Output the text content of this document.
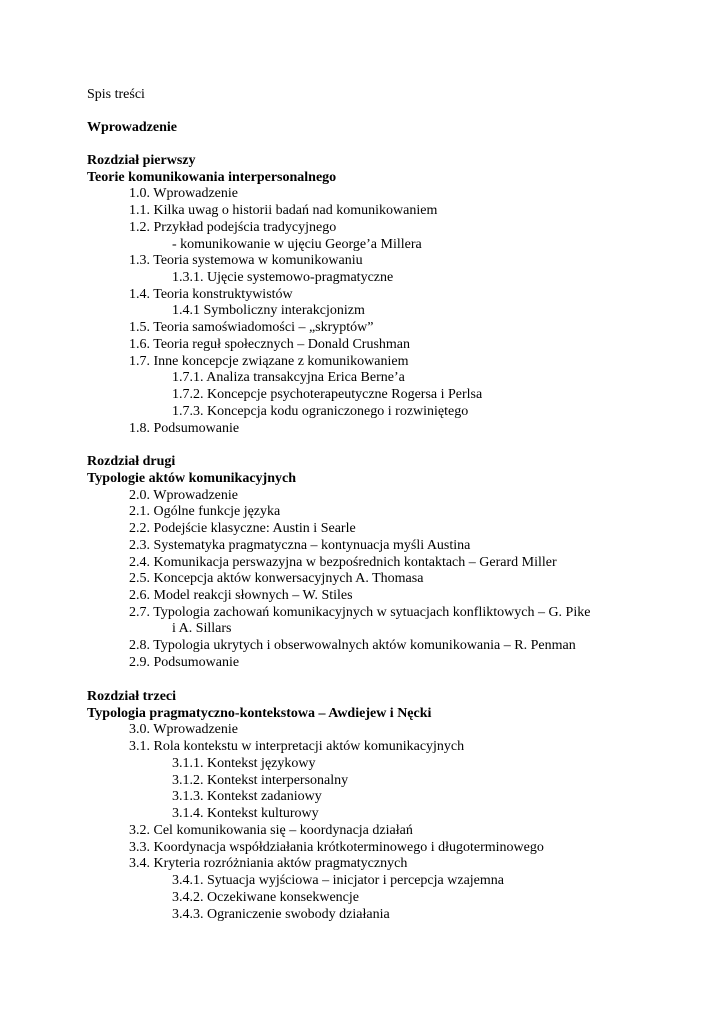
Spis treści
Wprowadzenie
Rozdział pierwszy
Teorie komunikowania interpersonalnego
1.0. Wprowadzenie
1.1. Kilka uwag o historii badań nad komunikowaniem
1.2. Przykład podejścia tradycyjnego
- komunikowanie w ujęciu George’a Millera
1.3. Teoria systemowa w komunikowaniu
1.3.1. Ujęcie systemowo-pragmatyczne
1.4. Teoria konstruktywistów
1.4.1 Symboliczny interakcjonizm
1.5. Teoria samoświadomości – „skryptów”
1.6. Teoria reguł społecznych – Donald Crushman
1.7. Inne koncepcje związane z komunikowaniem
1.7.1. Analiza transakcyjna Erica Berne’a
1.7.2. Koncepcje psychoterapeutyczne Rogersa i Perlsa
1.7.3. Koncepcja kodu ograniczonego i rozwiniętego
1.8. Podsumowanie
Rozdział drugi
Typologie aktów komunikacyjnych
2.0. Wprowadzenie
2.1. Ogólne funkcje języka
2.2. Podejście klasyczne: Austin i Searle
2.3. Systematyka pragmatyczna – kontynuacja myśli Austina
2.4. Komunikacja perswazyjna w bezpośrednich kontaktach – Gerard Miller
2.5. Koncepcja aktów konwersacyjnych A. Thomasa
2.6. Model reakcji słownych – W. Stiles
2.7. Typologia zachowań komunikacyjnych w sytuacjach konfliktowych – G. Pike
i A. Sillars
2.8. Typologia ukrytych i obserwowalnych aktów komunikowania – R. Penman
2.9. Podsumowanie
Rozdział trzeci
Typologia pragmatyczno-kontekstowa – Awdiejew i Nęcki
3.0. Wprowadzenie
3.1. Rola kontekstu w interpretacji aktów komunikacyjnych
3.1.1. Kontekst językowy
3.1.2. Kontekst interpersonalny
3.1.3. Kontekst zadaniowy
3.1.4. Kontekst kulturowy
3.2. Cel komunikowania się – koordynacja działań
3.3. Koordynacja współdziałania krótkoterminowego i długoterminowego
3.4. Kryteria rozróżniania aktów pragmatycznych
3.4.1. Sytuacja wyjściowa – inicjator i percepcja wzajemna
3.4.2. Oczekiwane konsekwencje
3.4.3. Ograniczenie swobody działania
